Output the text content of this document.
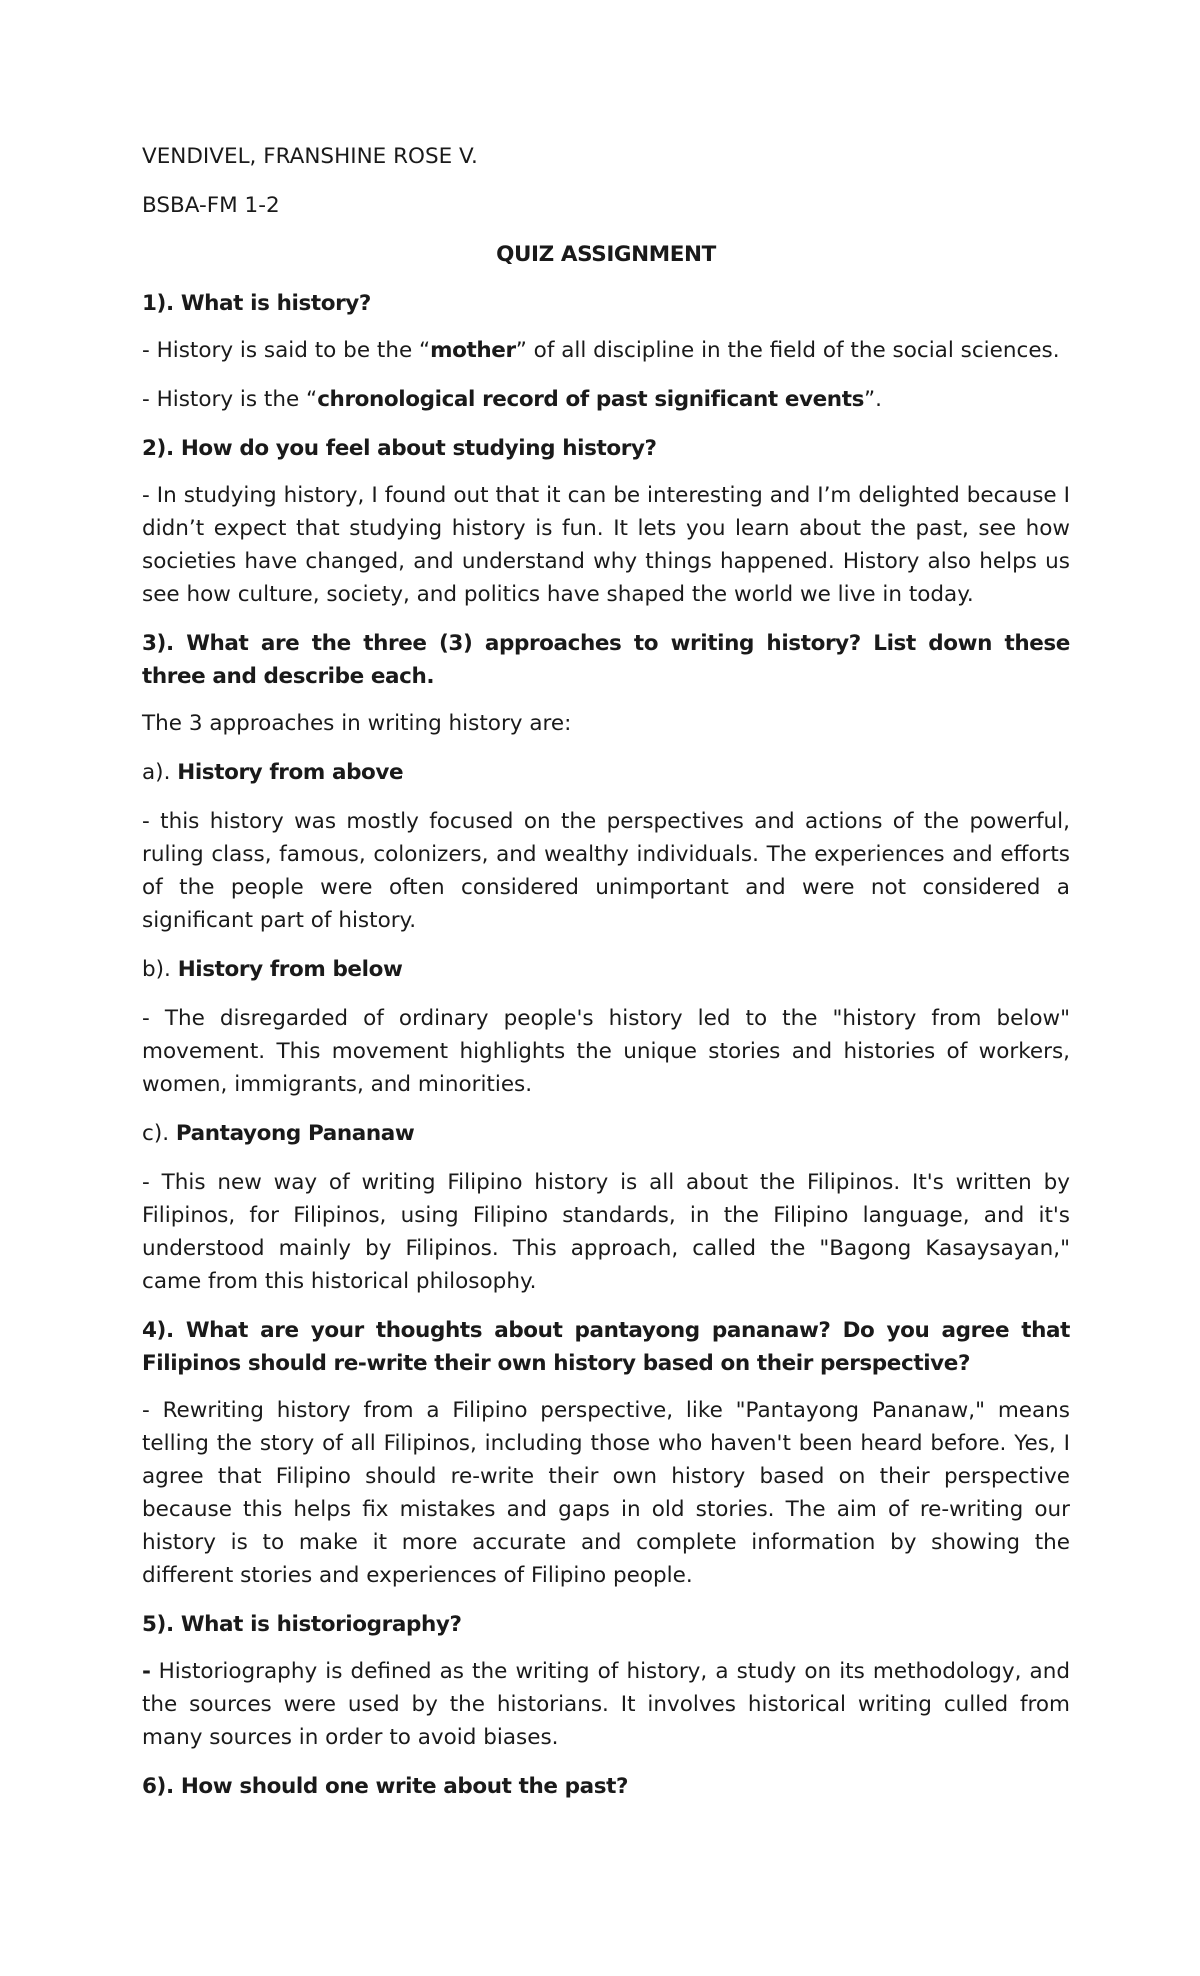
VENDIVEL, FRANSHINE ROSE V.

BSBA-FM 1-2

QUIZ ASSIGNMENT

1). What is history?

- History is said to be the “mother” of all discipline in the field of the social sciences.

- History is the “chronological record of past significant events”.

2). How do you feel about studying history?

- In studying history, I found out that it can be interesting and I’m delighted because I didn’t expect that studying history is fun. It lets you learn about the past, see how societies have changed, and understand why things happened. History also helps us see how culture, society, and politics have shaped the world we live in today.

3). What are the three (3) approaches to writing history? List down these three and describe each.

The 3 approaches in writing history are:

a). History from above

- this history was mostly focused on the perspectives and actions of the powerful, ruling class, famous, colonizers, and wealthy individuals. The experiences and efforts of the people were often considered unimportant and were not considered a significant part of history.

b). History from below

- The disregarded of ordinary people's history led to the "history from below" movement. This movement highlights the unique stories and histories of workers, women, immigrants, and minorities.

c). Pantayong Pananaw

- This new way of writing Filipino history is all about the Filipinos. It's written by Filipinos, for Filipinos, using Filipino standards, in the Filipino language, and it's understood mainly by Filipinos. This approach, called the "Bagong Kasaysayan," came from this historical philosophy.

4). What are your thoughts about pantayong pananaw? Do you agree that Filipinos should re-write their own history based on their perspective?

- Rewriting history from a Filipino perspective, like "Pantayong Pananaw," means telling the story of all Filipinos, including those who haven't been heard before. Yes, I agree that Filipino should re-write their own history based on their perspective because this helps fix mistakes and gaps in old stories. The aim of re-writing our history is to make it more accurate and complete information by showing the different stories and experiences of Filipino people.

5). What is historiography?

- Historiography is defined as the writing of history, a study on its methodology, and the sources were used by the historians. It involves historical writing culled from many sources in order to avoid biases.

6). How should one write about the past?
